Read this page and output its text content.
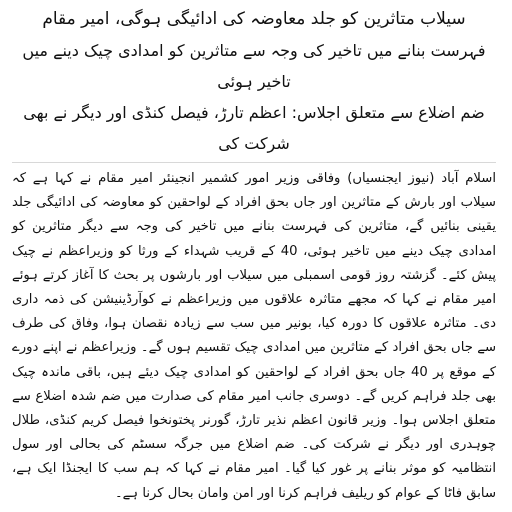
سیلاب متاثرین کو جلد معاوضہ کی ادائیگی ہوگی، امیر مقام
فہرست بنانے میں تاخیر کی وجہ سے متاثرین کو امدادی چیک دینے میں تاخیر ہوئی
ضم اضلاع سے متعلق اجلاس: اعظم تارڑ، فیصل کنڈی اور دیگر نے بھی شرکت کی

اسلام آباد (نیوز ایجنسیاں) وفاقی وزیر امور کشمیر انجینئر امیر مقام نے کہا ہے کہ سیلاب اور بارش کے متاثرین اور جاں بحق افراد کے لواحقین کو معاوضہ کی ادائیگی جلد یقینی بنائیں گے، متاثرین کی فہرست بنانے میں تاخیر کی وجہ سے دیگر متاثرین کو امدادی چیک دینے میں تاخیر ہوئی، 40 کے قریب شہداء کے ورثا کو وزیراعظم نے چیک پیش کئے۔ گزشتہ روز قومی اسمبلی میں سیلاب اور بارشوں پر بحث کا آغاز کرتے ہوئے امیر مقام نے کہا کہ مجھے متاثرہ علاقوں میں وزیراعظم نے کوآرڈینیشن کی ذمہ داری دی۔ متاثرہ علاقوں کا دورہ کیا، بونیر میں سب سے زیادہ نقصان ہوا، وفاق کی طرف سے جاں بحق افراد کے متاثرین میں امدادی چیک تقسیم ہوں گے۔ وزیراعظم نے اپنے دورے کے موقع پر 40 جاں بحق افراد کے لواحقین کو امدادی چیک دیئے ہیں، باقی ماندہ چیک بھی جلد فراہم کریں گے۔ دوسری جانب امیر مقام کی صدارت میں ضم شدہ اضلاع سے متعلق اجلاس ہوا۔ وزیر قانون اعظم نذیر تارڑ، گورنر پختونخوا فیصل کریم کنڈی، طلال چوہدری اور دیگر نے شرکت کی۔ ضم اضلاع میں جرگہ سسٹم کی بحالی اور سول انتظامیہ کو موثر بنانے پر غور کیا گیا۔ امیر مقام نے کہا کہ ہم سب کا ایجنڈا ایک ہے، سابق فاٹا کے عوام کو ریلیف فراہم کرنا اور امن وامان بحال کرنا ہے۔
